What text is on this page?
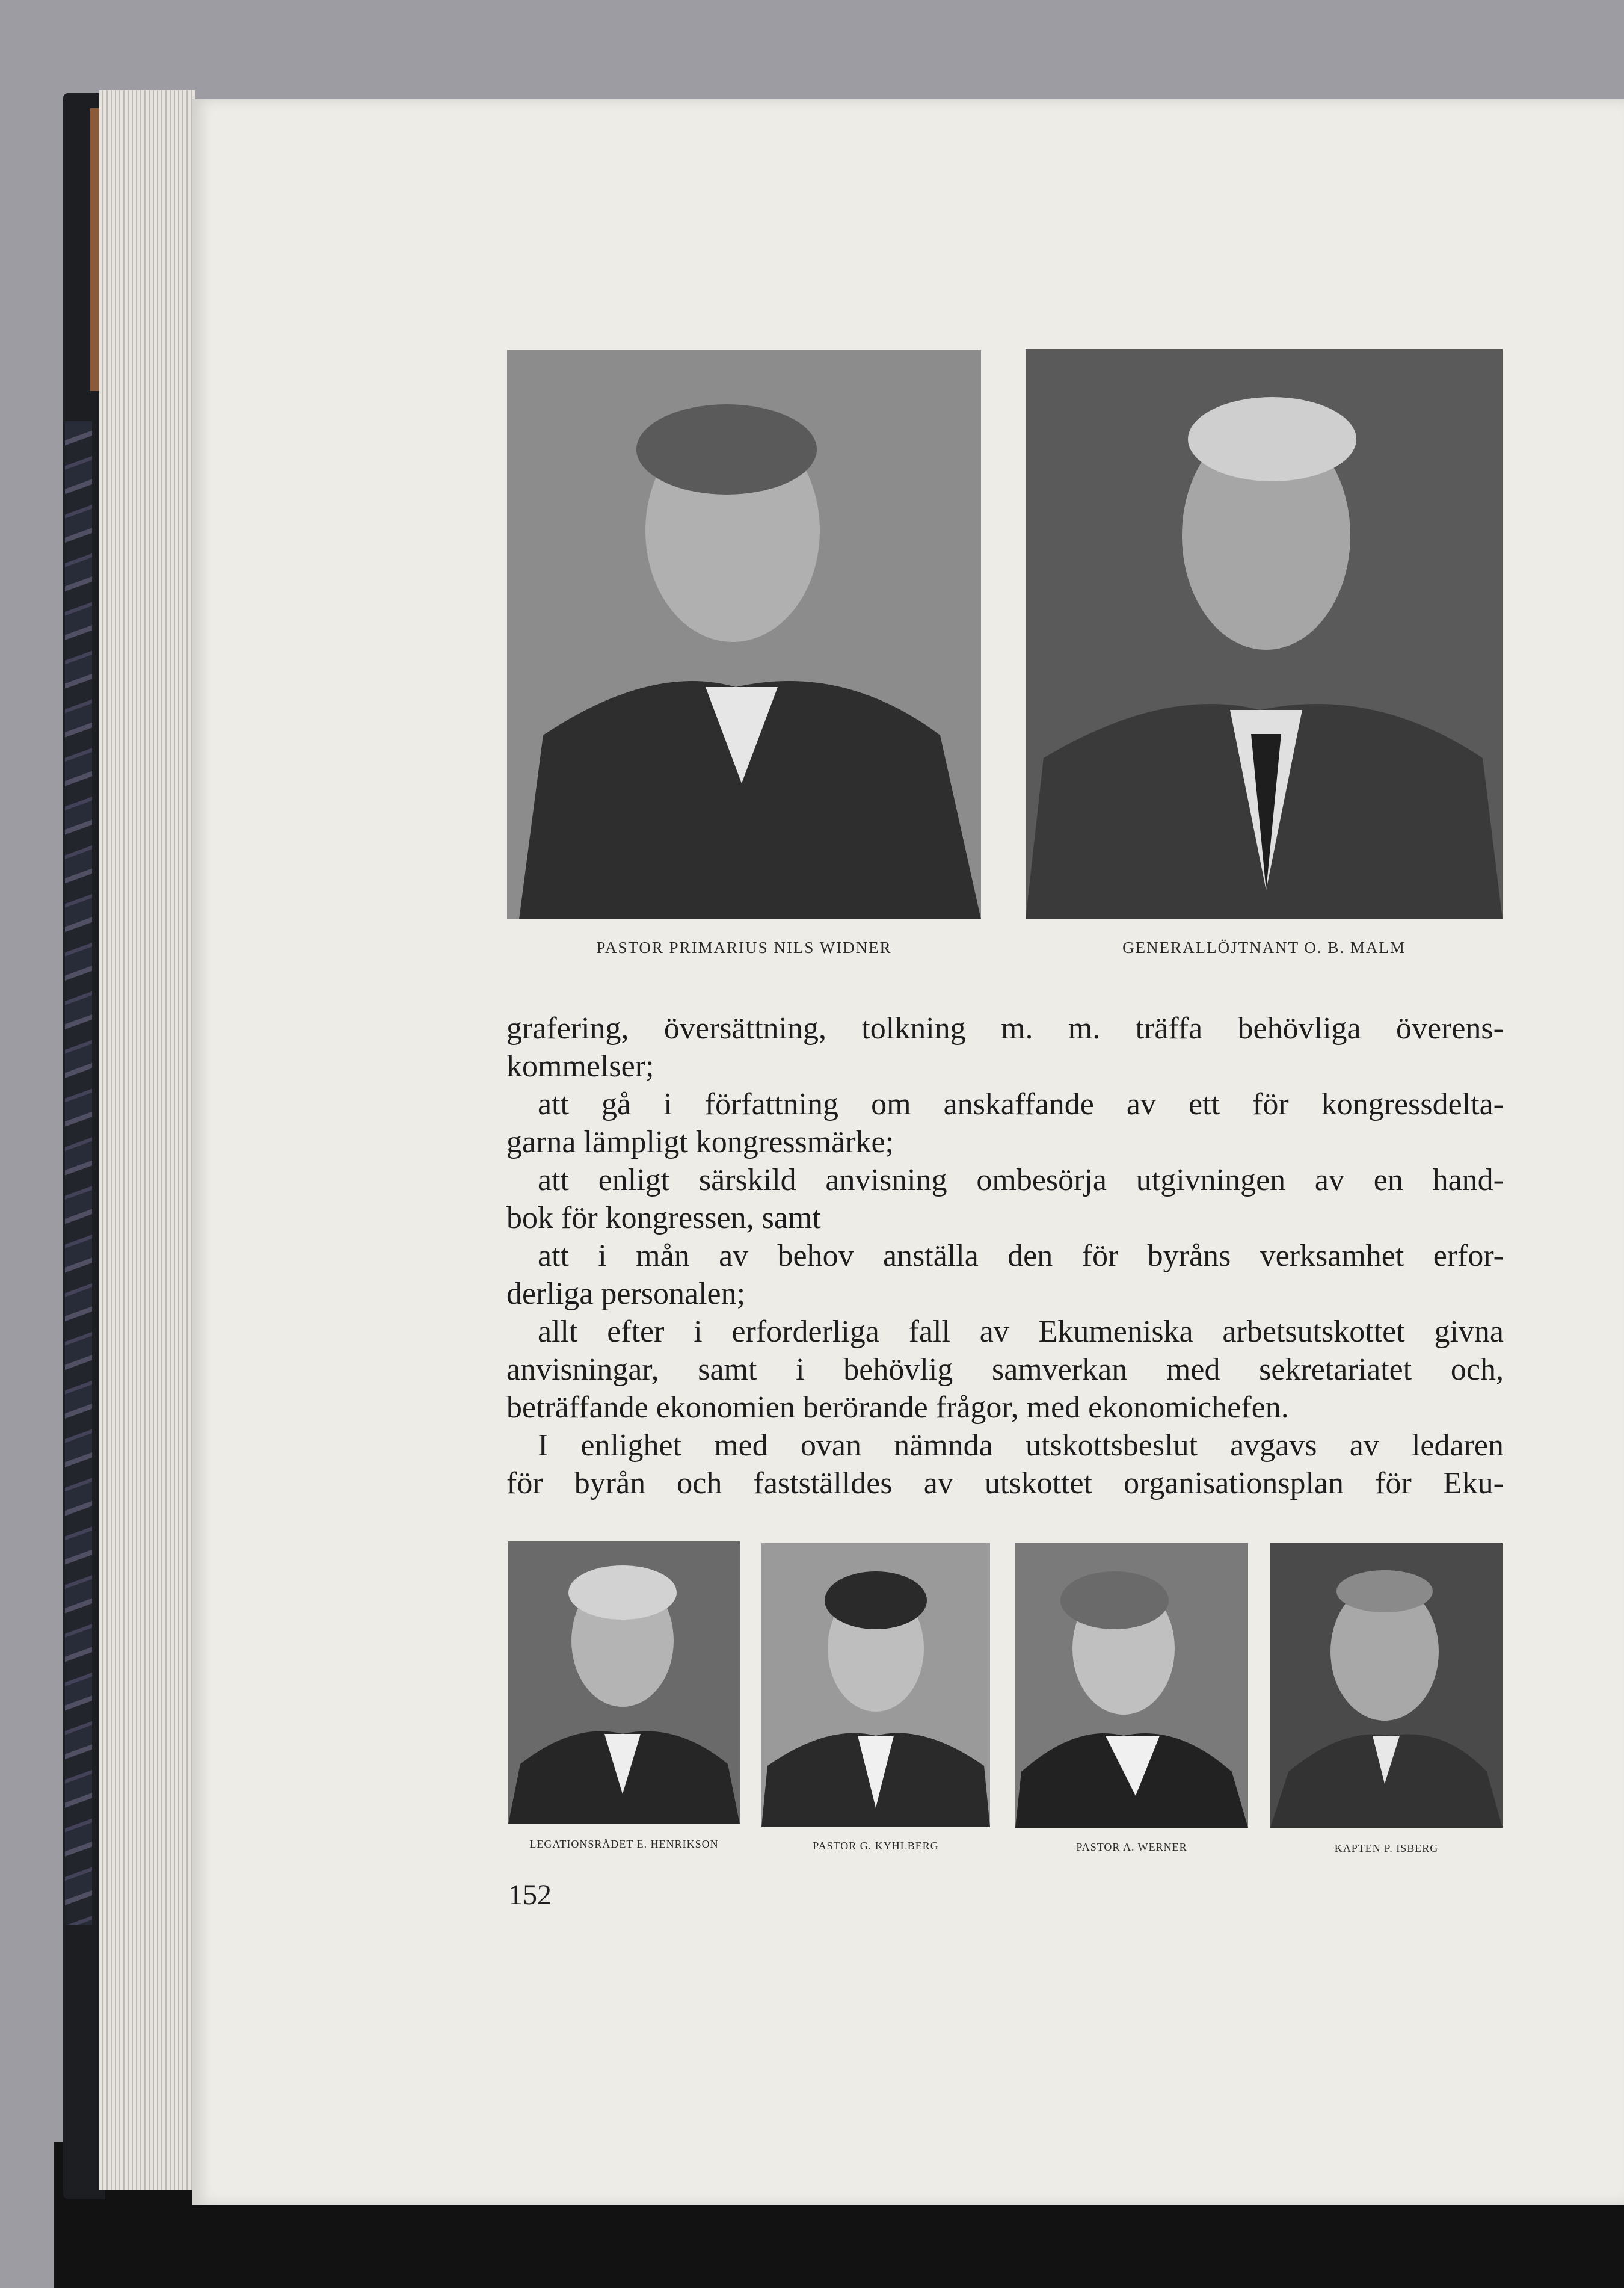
PASTOR PRIMARIUS NILS WIDNER	GENERALLÖJTNANT O. B. MALM

grafering, översättning, tolkning m. m. träffa behövliga överens-

kommelser;

att gå i författning om anskaffande av ett för kongressdelta-

garna lämpligt kongressmärke;

att enligt särskild anvisning ombesörja utgivningen av en hand-

bok för kongressen, samt

att i mån av behov anställa den för byråns verksamhet erfor-

derliga personalen;

allt efter i erforderliga fall av Ekumeniska arbetsutskottet givna

anvisningar, samt i behövlig samverkan med sekretariatet och,

beträffande ekonomien berörande frågor, med ekonomichefen.

I enlighet med ovan nämnda utskottsbeslut avgavs av ledaren

för byrån och fastställdes av utskottet organisationsplan för Eku-

LEGATIONSRÅDET E. HENRIKSON	PASTOR G. KYHLBERG	PASTOR A. WERNER	KAPTEN P. ISBERG
152
